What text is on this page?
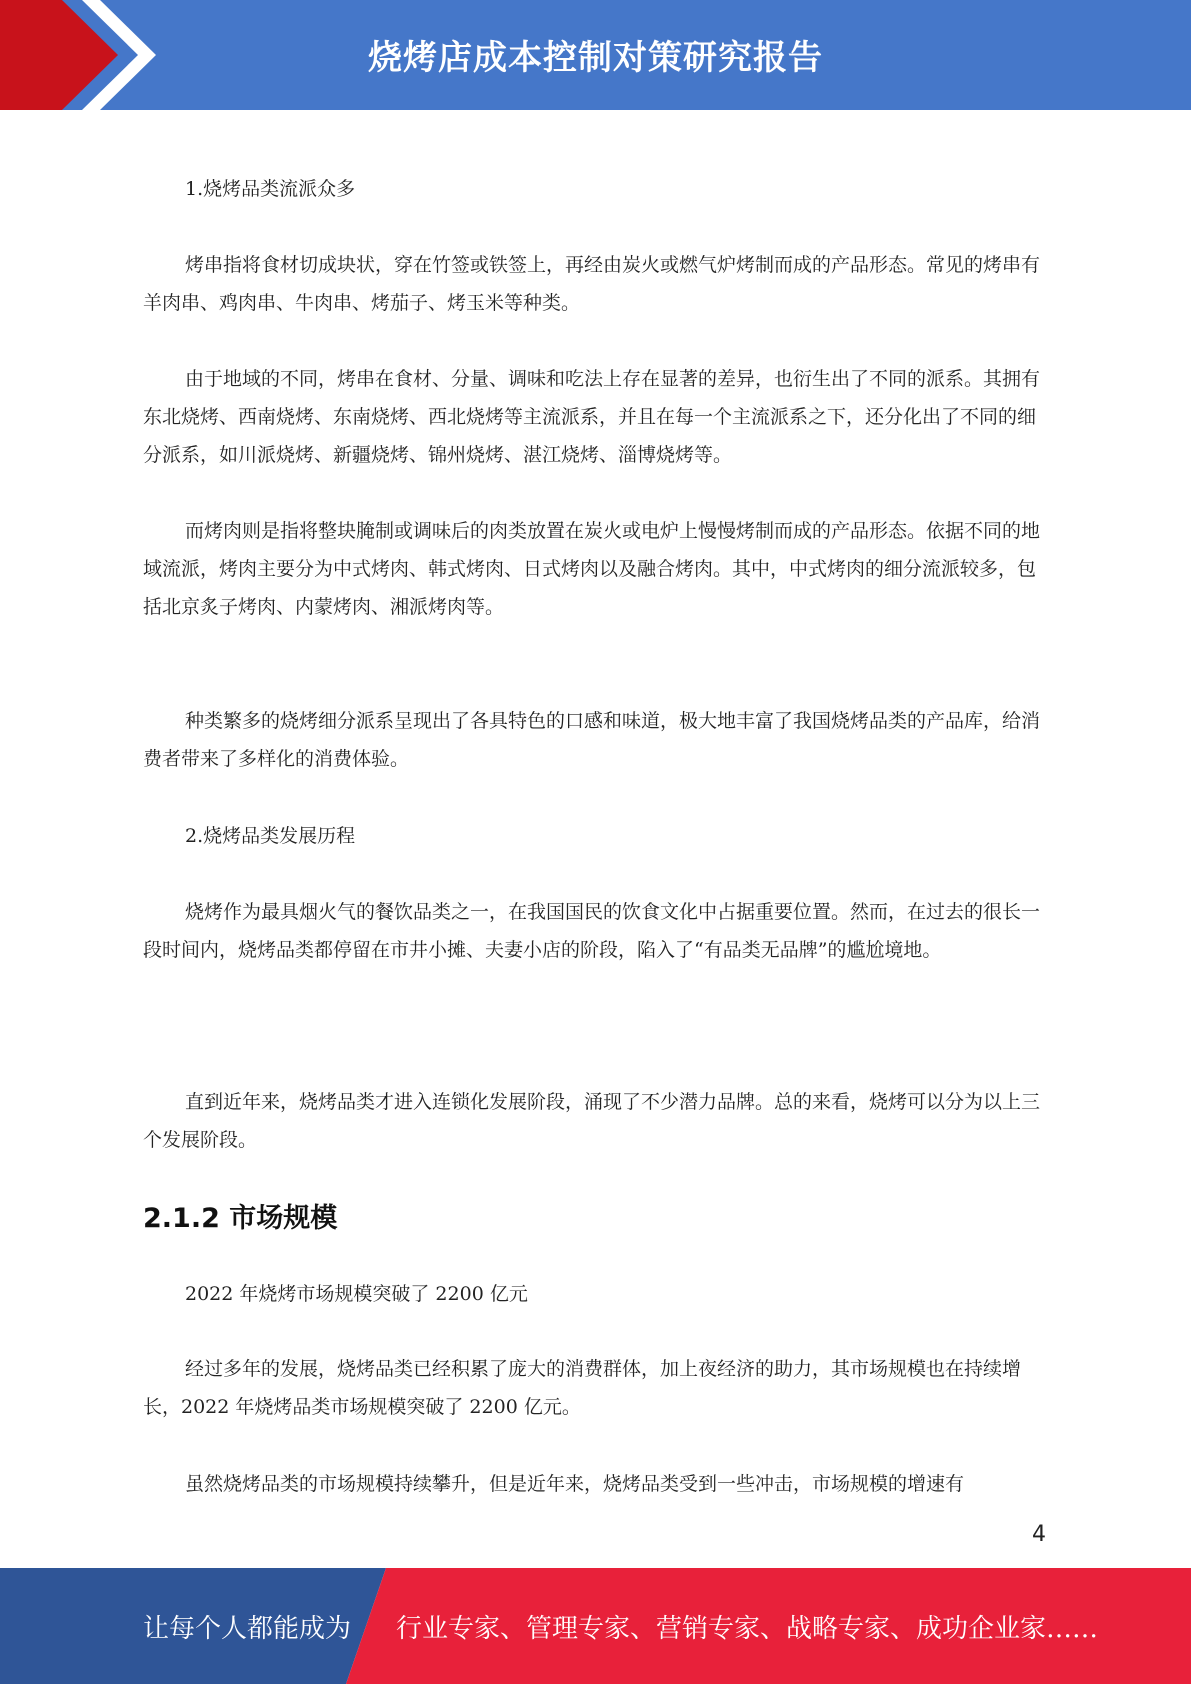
烧烤店成本控制对策研究报告

1.烧烤品类流派众多

烤串指将食材切成块状，穿在竹签或铁签上，再经由炭火或燃气炉烤制而成的产品形态。常见的烤串有羊肉串、鸡肉串、牛肉串、烤茄子、烤玉米等种类。

由于地域的不同，烤串在食材、分量、调味和吃法上存在显著的差异，也衍生出了不同的派系。其拥有东北烧烤、西南烧烤、东南烧烤、西北烧烤等主流派系，并且在每一个主流派系之下，还分化出了不同的细分派系，如川派烧烤、新疆烧烤、锦州烧烤、湛江烧烤、淄博烧烤等。

而烤肉则是指将整块腌制或调味后的肉类放置在炭火或电炉上慢慢烤制而成的产品形态。依据不同的地域流派，烤肉主要分为中式烤肉、韩式烤肉、日式烤肉以及融合烤肉。其中，中式烤肉的细分流派较多，包括北京炙子烤肉、内蒙烤肉、湘派烤肉等。

种类繁多的烧烤细分派系呈现出了各具特色的口感和味道，极大地丰富了我国烧烤品类的产品库，给消费者带来了多样化的消费体验。

2.烧烤品类发展历程

烧烤作为最具烟火气的餐饮品类之一，在我国国民的饮食文化中占据重要位置。然而，在过去的很长一段时间内，烧烤品类都停留在市井小摊、夫妻小店的阶段，陷入了“有品类无品牌”的尴尬境地。

直到近年来，烧烤品类才进入连锁化发展阶段，涌现了不少潜力品牌。总的来看，烧烤可以分为以上三个发展阶段。

2.1.2 市场规模

2022 年烧烤市场规模突破了 2200 亿元

经过多年的发展，烧烤品类已经积累了庞大的消费群体，加上夜经济的助力，其市场规模也在持续增长，2022 年烧烤品类市场规模突破了 2200 亿元。

虽然烧烤品类的市场规模持续攀升，但是近年来，烧烤品类受到一些冲击，市场规模的增速有

4
让每个人都能成为 行业专家、管理专家、营销专家、战略专家、成功企业家……
